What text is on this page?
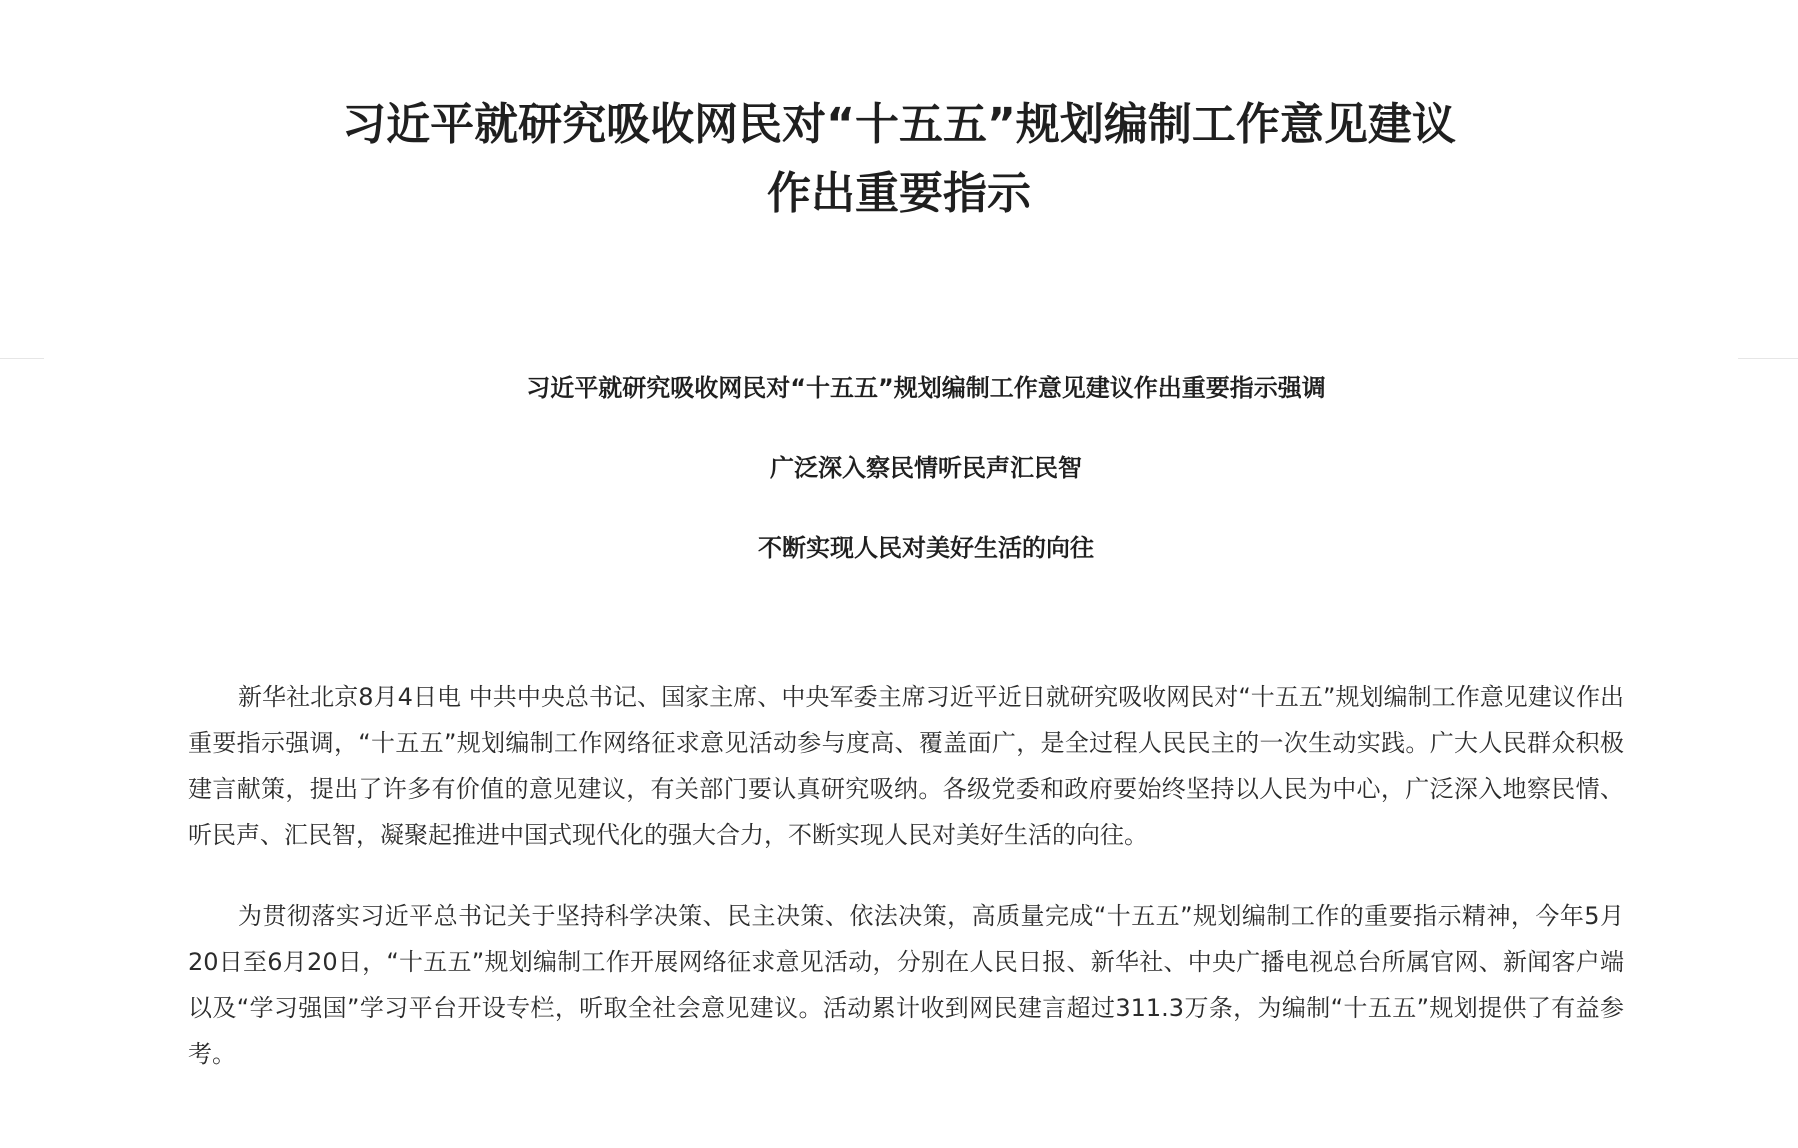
习近平就研究吸收网民对“十五五”规划编制工作意见建议
作出重要指示

习近平就研究吸收网民对“十五五”规划编制工作意见建议作出重要指示强调

广泛深入察民情听民声汇民智

不断实现人民对美好生活的向往

新华社北京8月4日电 中共中央总书记、国家主席、中央军委主席习近平近日就研究吸收网民对“十五五”规划编制工作意见建议作出重要指示强调，“十五五”规划编制工作网络征求意见活动参与度高、覆盖面广，是全过程人民民主的一次生动实践。广大人民群众积极建言献策，提出了许多有价值的意见建议，有关部门要认真研究吸纳。各级党委和政府要始终坚持以人民为中心，广泛深入地察民情、听民声、汇民智，凝聚起推进中国式现代化的强大合力，不断实现人民对美好生活的向往。

为贯彻落实习近平总书记关于坚持科学决策、民主决策、依法决策，高质量完成“十五五”规划编制工作的重要指示精神，今年5月20日至6月20日，“十五五”规划编制工作开展网络征求意见活动，分别在人民日报、新华社、中央广播电视总台所属官网、新闻客户端以及“学习强国”学习平台开设专栏，听取全社会意见建议。活动累计收到网民建言超过311.3万条，为编制“十五五”规划提供了有益参考。
